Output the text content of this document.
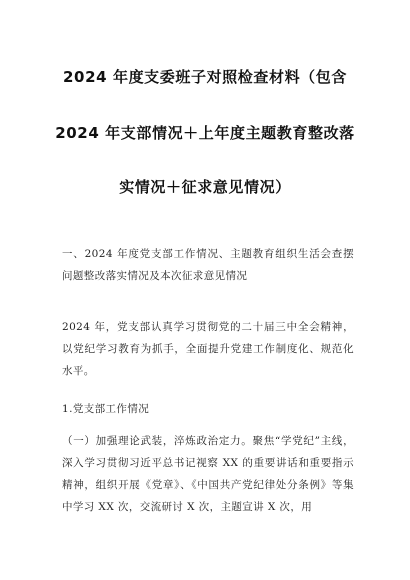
2024 年度支委班子对照检查材料（包含
2024 年支部情况＋上年度主题教育整改落
实情况＋征求意见情况）

一、2024 年度党支部工作情况、主题教育组织生活会查摆问题整改落实情况及本次征求意见情况

2024 年，党支部认真学习贯彻党的二十届三中全会精神，以党纪学习教育为抓手，全面提升党建工作制度化、规范化水平。

1.党支部工作情况

（一）加强理论武装，淬炼政治定力。聚焦“学党纪”主线，深入学习贯彻习近平总书记视察 XX 的重要讲话和重要指示精神，组织开展《党章》、《中国共产党纪律处分条例》等集中学习 XX 次，交流研讨 X 次，主题宣讲 X 次，用
